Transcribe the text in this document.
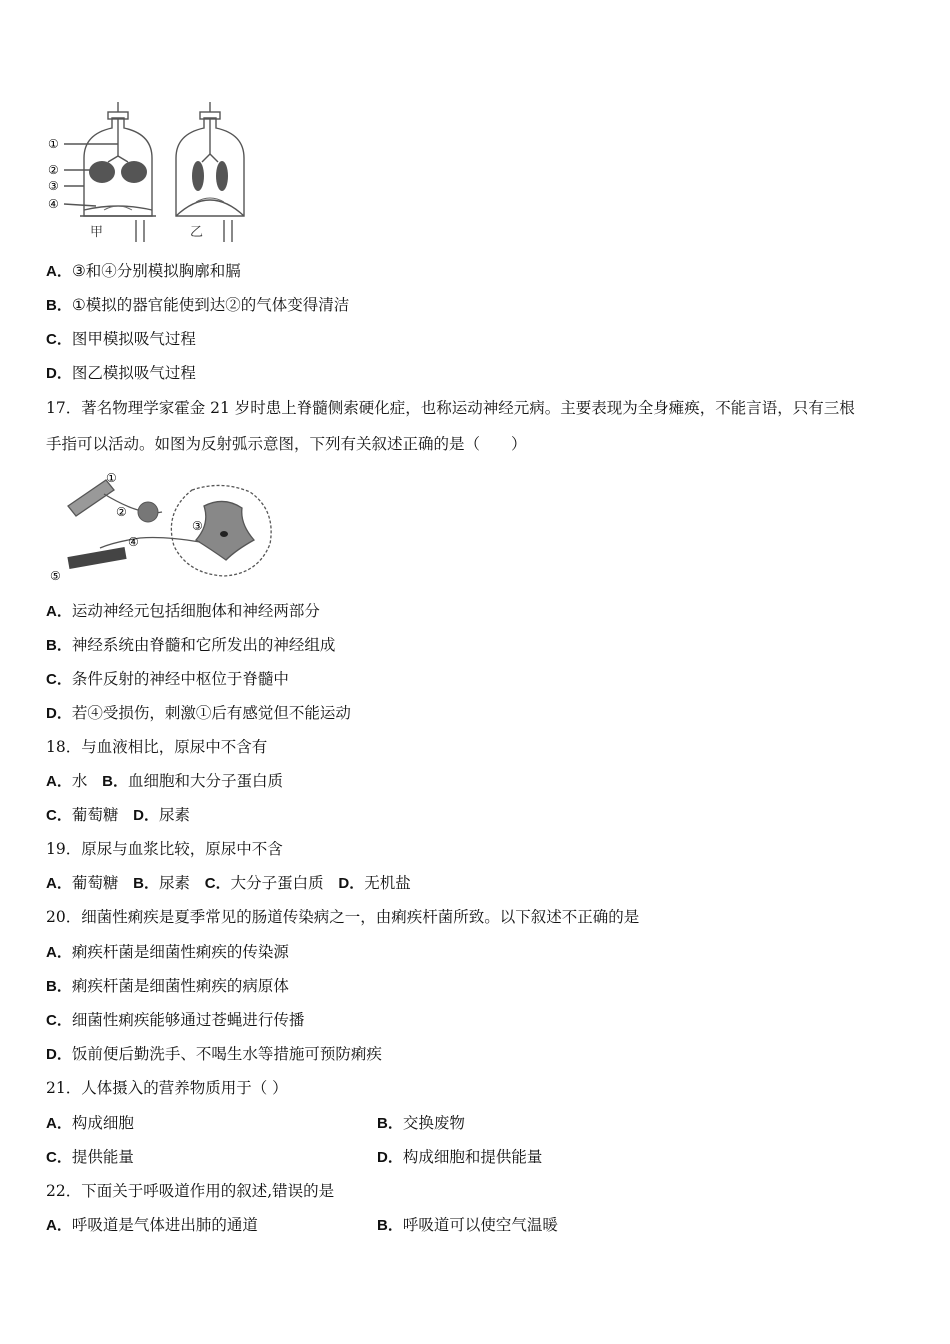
①
②
③
④
甲	乙
A．③和④分别模拟胸廓和膈
B．①模拟的器官能使到达②的气体变得清洁
C．图甲模拟吸气过程
D．图乙模拟吸气过程
17．著名物理学家霍金 21 岁时患上脊髓侧索硬化症，也称运动神经元病。主要表现为全身瘫痪，不能言语，只有三根
手指可以活动。如图为反射弧示意图，下列有关叙述正确的是（　　）
①
②
③
④
⑤
A．运动神经元包括细胞体和神经两部分
B．神经系统由脊髓和它所发出的神经组成
C．条件反射的神经中枢位于脊髓中
D．若④受损伤，刺激①后有感觉但不能运动
18．与血液相比，原尿中不含有
A．水 B．血细胞和大分子蛋白质
C．葡萄糖 D．尿素
19．原尿与血浆比较，原尿中不含
A．葡萄糖 B．尿素 C．大分子蛋白质 D．无机盐
20．细菌性痢疾是夏季常见的肠道传染病之一，由痢疾杆菌所致。以下叙述不正确的是
A．痢疾杆菌是细菌性痢疾的传染源
B．痢疾杆菌是细菌性痢疾的病原体
C．细菌性痢疾能够通过苍蝇进行传播
D．饭前便后勤洗手、不喝生水等措施可预防痢疾
21．人体摄入的营养物质用于（ ）
A．构成细胞	B．交换废物
C．提供能量	D．构成细胞和提供能量
22．下面关于呼吸道作用的叙述,错误的是
A．呼吸道是气体进出肺的通道	B．呼吸道可以使空气温暖
